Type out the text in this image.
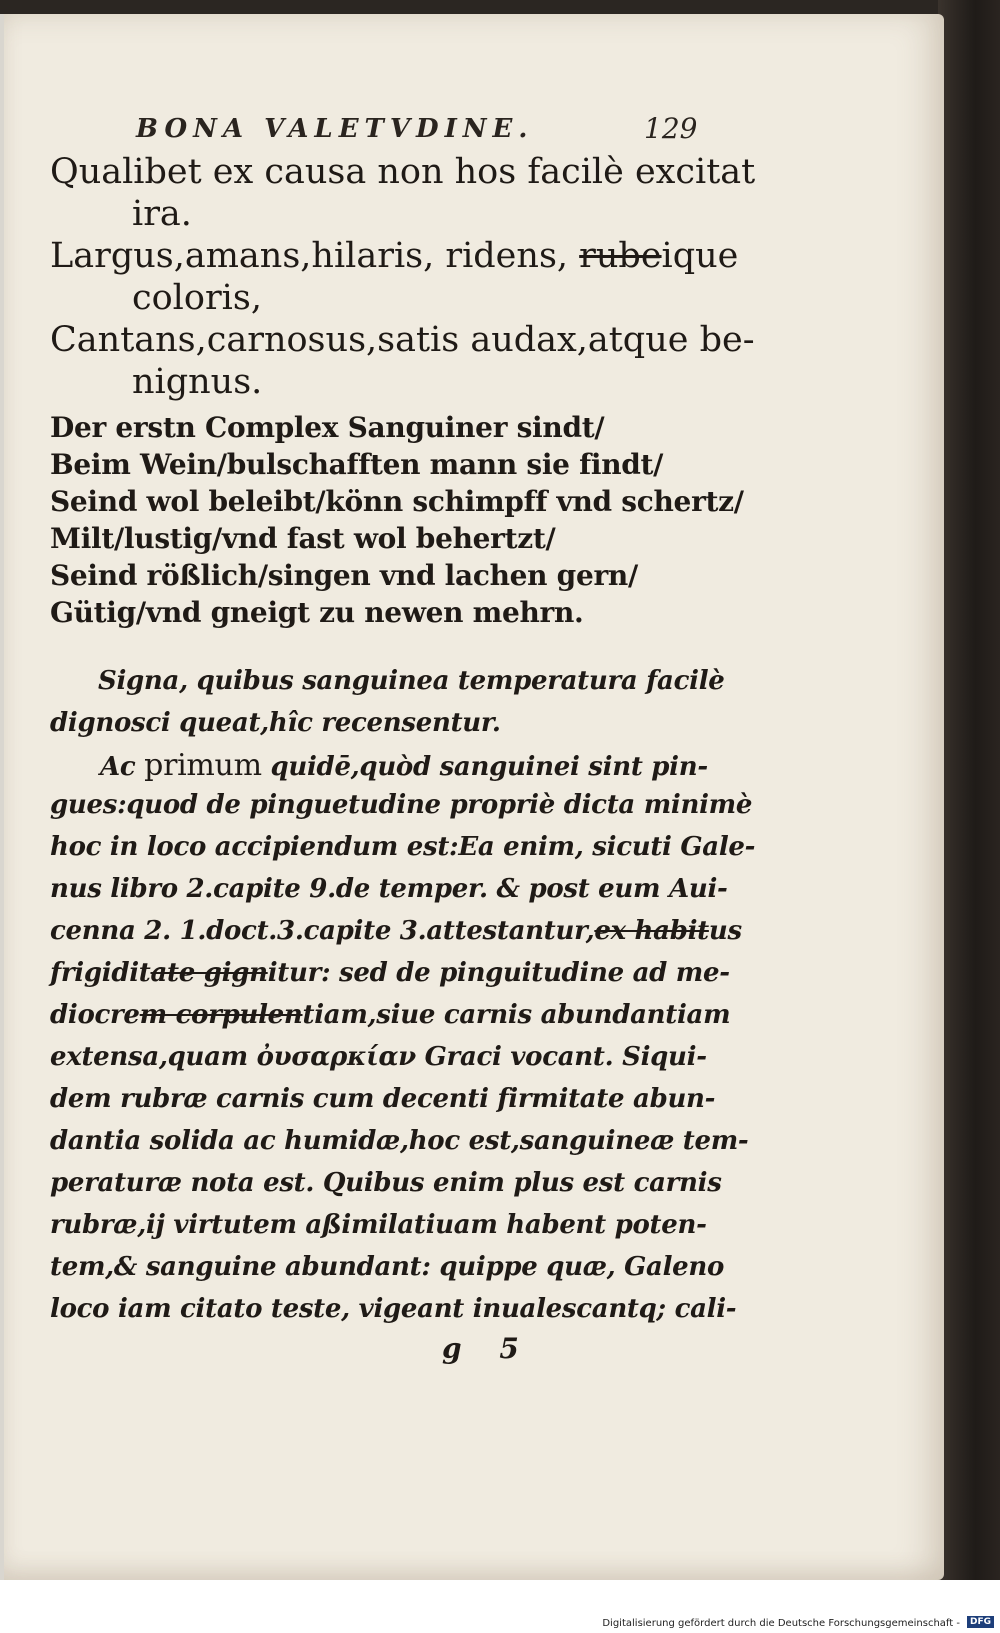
BONA VALETVDINE.	129
Qualibet ex causa non hos facilè excitat
ira.
Largus,amans,hilaris, ridens, rubeique
coloris,
Cantans,carnosus,satis audax,atque be-
nignus.
Der erstn Complex Sanguiner sindt/
Beim Wein/bulschafften mann sie findt/
Seind wol beleibt/könn schimpff vnd schertz/
Milt/lustig/vnd fast wol behertzt/
Seind rößlich/singen vnd lachen gern/
Gütig/vnd gneigt zu newen mehrn.
Signa, quibus sanguinea temperatura facilè
dignosci queat,hîc recensentur.
Ac primum quidē,quòd sanguinei sint pin-
gues:quod de pinguetudine propriè dicta minimè
hoc in loco accipiendum est:Ea enim, sicuti Gale-
nus libro 2.capite 9.de temper. & post eum Aui-
cenna 2. 1.doct.3.capite 3.attestantur,ex habitus
frigiditate gignitur: sed de pinguitudine ad me-
diocrem corpulentiam,siue carnis abundantiam
extensa,quam ὀυσαρκίαν Graci vocant. Siqui-
dem rubræ carnis cum decenti firmitate abun-
dantia solida ac humidæ,hoc est,sanguineæ tem-
peraturæ nota est. Quibus enim plus est carnis
rubræ,ij virtutem aßimilatiuam habent poten-
tem,& sanguine abundant: quippe quæ, Galeno
loco iam citato teste, vigeant inualescantq; cali-
g 5
Digitalisierung gefördert durch die Deutsche Forschungsgemeinschaft -	DFG
